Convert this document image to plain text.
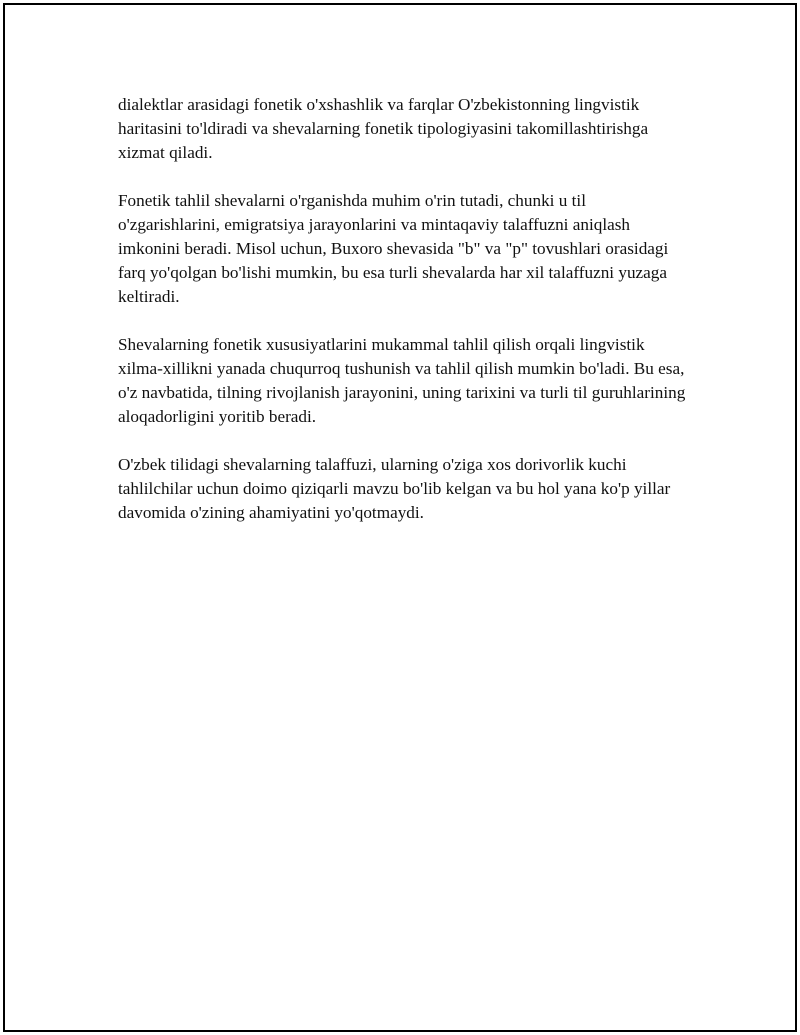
dialektlar arasidagi fonetik o'xshashlik va farqlar O'zbekistonning lingvistik haritasini to'ldiradi va shevalarning fonetik tipologiyasini takomillashtirishga xizmat qiladi.

Fonetik tahlil shevalarni o'rganishda muhim o'rin tutadi, chunki u til o'zgarishlarini, emigratsiya jarayonlarini va mintaqaviy talaffuzni aniqlash imkonini beradi. Misol uchun, Buxoro shevasida "b" va "p" tovushlari orasidagi farq yo'qolgan bo'lishi mumkin, bu esa turli shevalarda har xil talaffuzni yuzaga keltiradi.

Shevalarning fonetik xususiyatlarini mukammal tahlil qilish orqali lingvistik xilma-xillikni yanada chuqurroq tushunish va tahlil qilish mumkin bo'ladi. Bu esa, o'z navbatida, tilning rivojlanish jarayonini, uning tarixini va turli til guruhlarining aloqadorligini yoritib beradi.

O'zbek tilidagi shevalarning talaffuzi, ularning o'ziga xos dorivorlik kuchi tahlilchilar uchun doimo qiziqarli mavzu bo'lib kelgan va bu hol yana ko'p yillar davomida o'zining ahamiyatini yo'qotmaydi.
